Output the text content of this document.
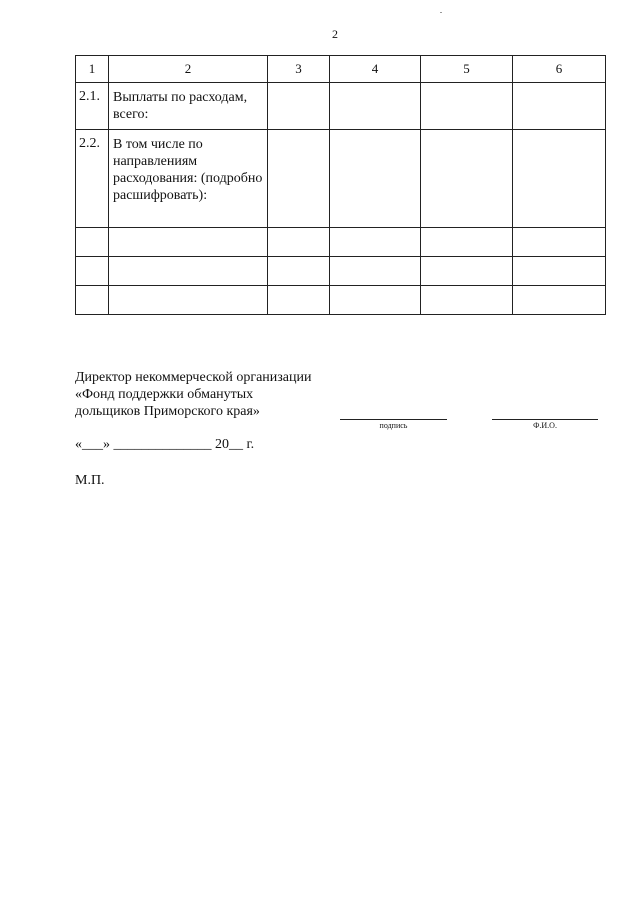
2
1	2	3	4	5	6
2.1.	Выплаты по расходам, всего:				
2.2.	В том числе по направлениям расходования: (подробно расшифровать):				

Директор некоммерческой организации
«Фонд поддержки обманутых
дольщиков Приморского края»
подпись	Ф.И.О.
«___» ______________ 20__ г.
М.П.
